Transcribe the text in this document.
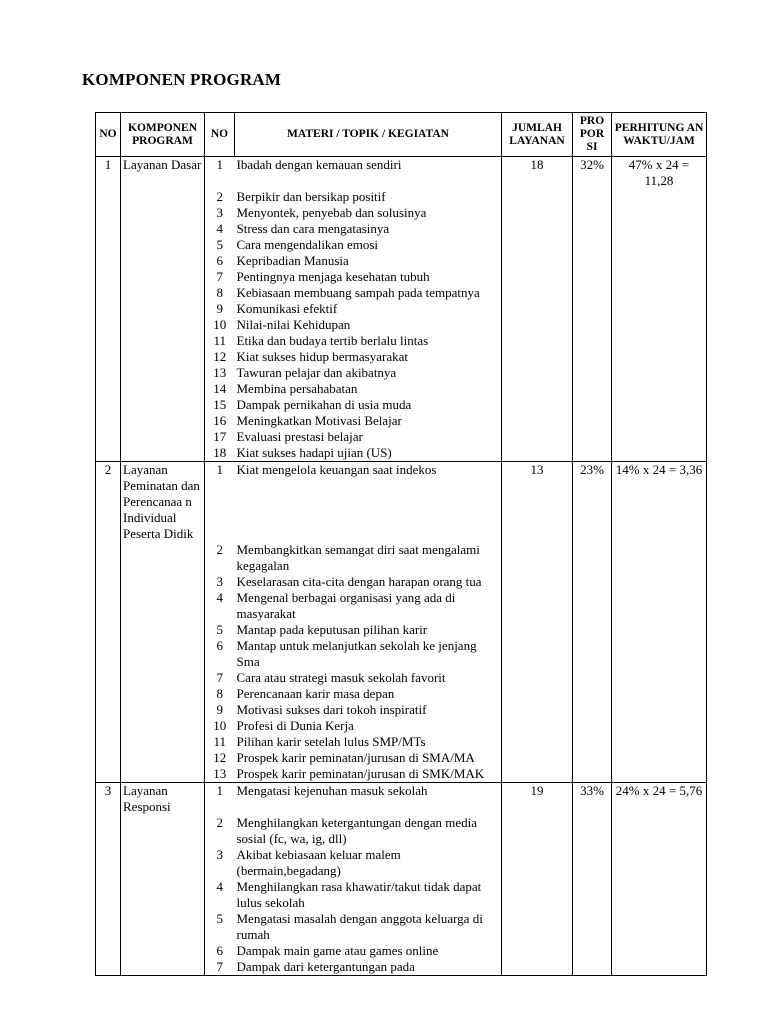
KOMPONEN PROGRAM
NO	KOMPONEN PROGRAM	NO	MATERI / TOPIK / KEGIATAN	JUMLAH LAYANAN	PRO POR SI	PERHITUNG AN WAKTU/JAM
1	Layanan Dasar	1	Ibadah dengan kemauan sendiri	18	32%	47% x 24 = 11,28
		2	Berpikir dan bersikap positif			
		3	Menyontek, penyebab dan solusinya			
		4	Stress dan cara mengatasinya			
		5	Cara mengendalikan emosi			
		6	Kepribadian Manusia			
		7	Pentingnya menjaga kesehatan tubuh			
		8	Kebiasaan membuang sampah pada tempatnya			
		9	Komunikasi efektif			
		10	Nilai-nilai Kehidupan			
		11	Etika dan budaya tertib berlalu lintas			
		12	Kiat sukses hidup bermasyarakat			
		13	Tawuran pelajar dan akibatnya			
		14	Membina persahabatan			
		15	Dampak pernikahan di usia muda			
		16	Meningkatkan Motivasi Belajar			
		17	Evaluasi prestasi belajar			
		18	Kiat sukses hadapi ujian (US)			
2	Layanan Peminatan dan Perencanaa n Individual Peserta Didik	1	Kiat mengelola keuangan saat indekos	13	23%	14% x 24 = 3,36
		2	Membangkitkan semangat diri saat mengalami kegagalan			
		3	Keselarasan cita-cita dengan harapan orang tua			
		4	Mengenal berbagai organisasi yang ada di masyarakat			
		5	Mantap pada keputusan pilihan karir			
		6	Mantap untuk melanjutkan sekolah ke jenjang Sma			
		7	Cara atau strategi masuk sekolah favorit			
		8	Perencanaan karir masa depan			
		9	Motivasi sukses dari tokoh inspiratif			
		10	Profesi di Dunia Kerja			
		11	Pilihan karir setelah lulus SMP/MTs			
		12	Prospek karir peminatan/jurusan di SMA/MA			
		13	Prospek karir peminatan/jurusan di SMK/MAK			
3	Layanan Responsi	1	Mengatasi kejenuhan masuk sekolah	19	33%	24% x 24 = 5,76
		2	Menghilangkan ketergantungan dengan media sosial (fc, wa, ig, dll)			
		3	Akibat kebiasaan keluar malem (bermain,begadang)			
		4	Menghilangkan rasa khawatir/takut tidak dapat lulus sekolah			
		5	Mengatasi masalah dengan anggota keluarga di rumah			
		6	Dampak main game atau games online			
		7	Dampak dari ketergantungan pada			
